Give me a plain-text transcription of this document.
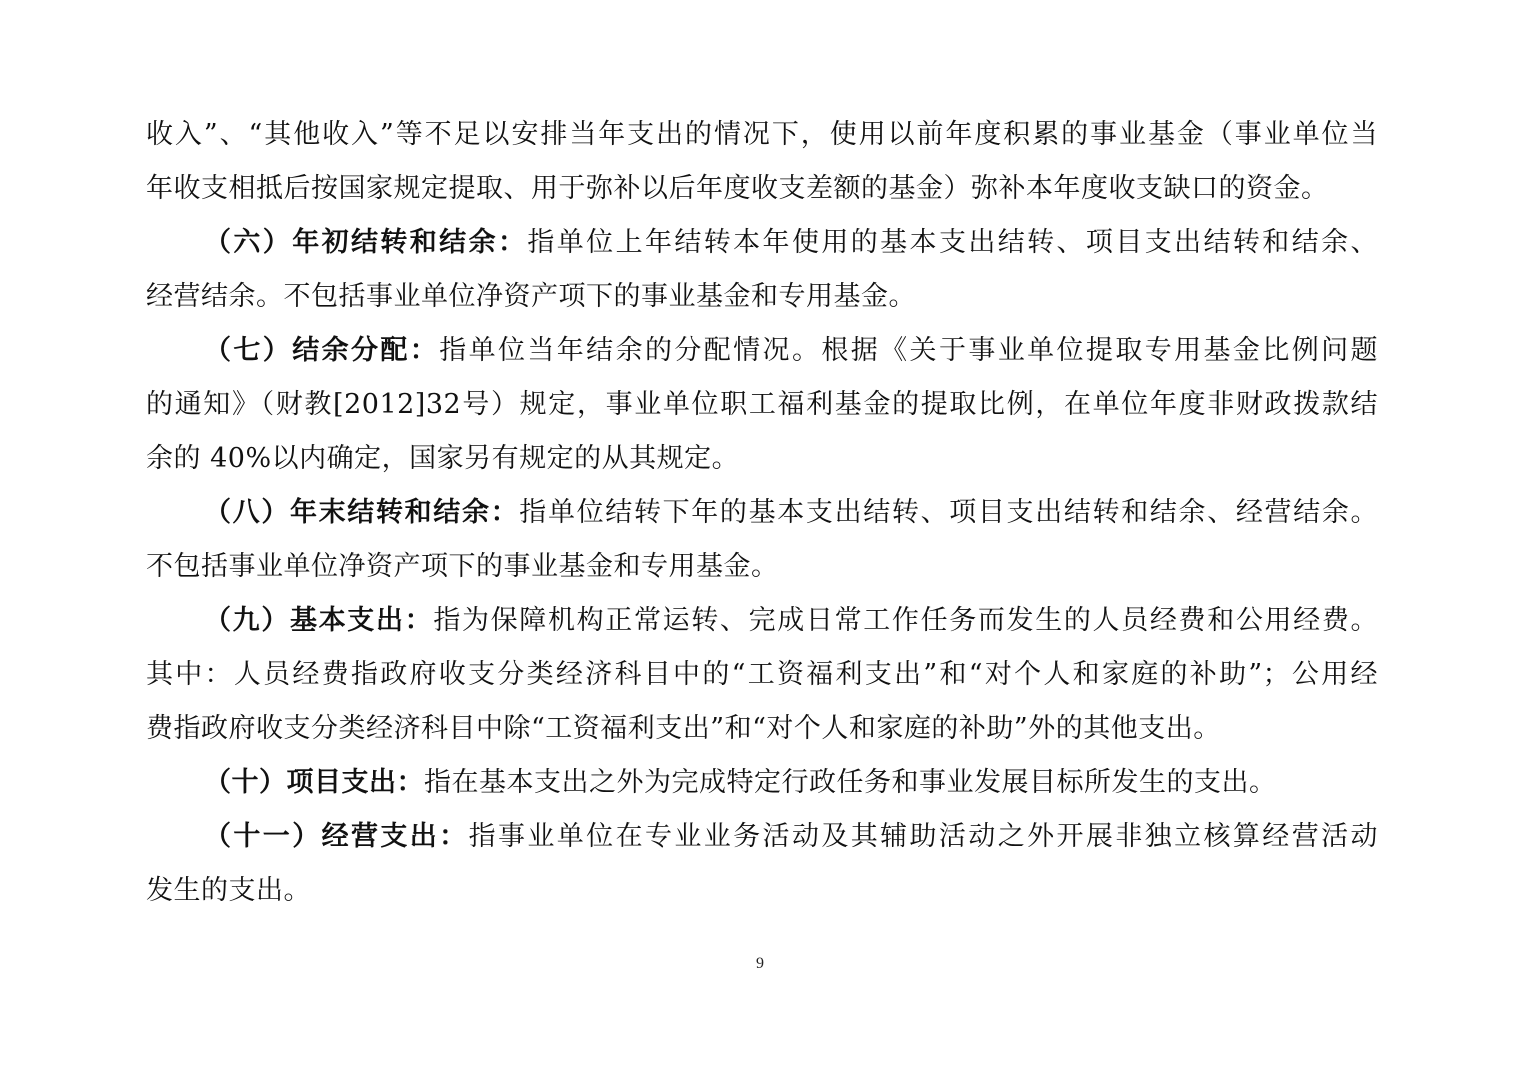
收入”、“其他收入”等不足以安排当年支出的情况下，使用以前年度积累的事业基金（事业单位当
年收支相抵后按国家规定提取、用于弥补以后年度收支差额的基金）弥补本年度收支缺口的资金。
（六）年初结转和结余：指单位上年结转本年使用的基本支出结转、项目支出结转和结余、
经营结余。不包括事业单位净资产项下的事业基金和专用基金。
（七）结余分配：指单位当年结余的分配情况。根据《关于事业单位提取专用基金比例问题
的通知》（财教[2012]32号）规定，事业单位职工福利基金的提取比例，在单位年度非财政拨款结
余的 40%以内确定，国家另有规定的从其规定。
（八）年末结转和结余：指单位结转下年的基本支出结转、项目支出结转和结余、经营结余。
不包括事业单位净资产项下的事业基金和专用基金。
（九）基本支出：指为保障机构正常运转、完成日常工作任务而发生的人员经费和公用经费。
其中：人员经费指政府收支分类经济科目中的“工资福利支出”和“对个人和家庭的补助”；公用经
费指政府收支分类经济科目中除“工资福利支出”和“对个人和家庭的补助”外的其他支出。
（十）项目支出：指在基本支出之外为完成特定行政任务和事业发展目标所发生的支出。
（十一）经营支出：指事业单位在专业业务活动及其辅助活动之外开展非独立核算经营活动
发生的支出。
9
